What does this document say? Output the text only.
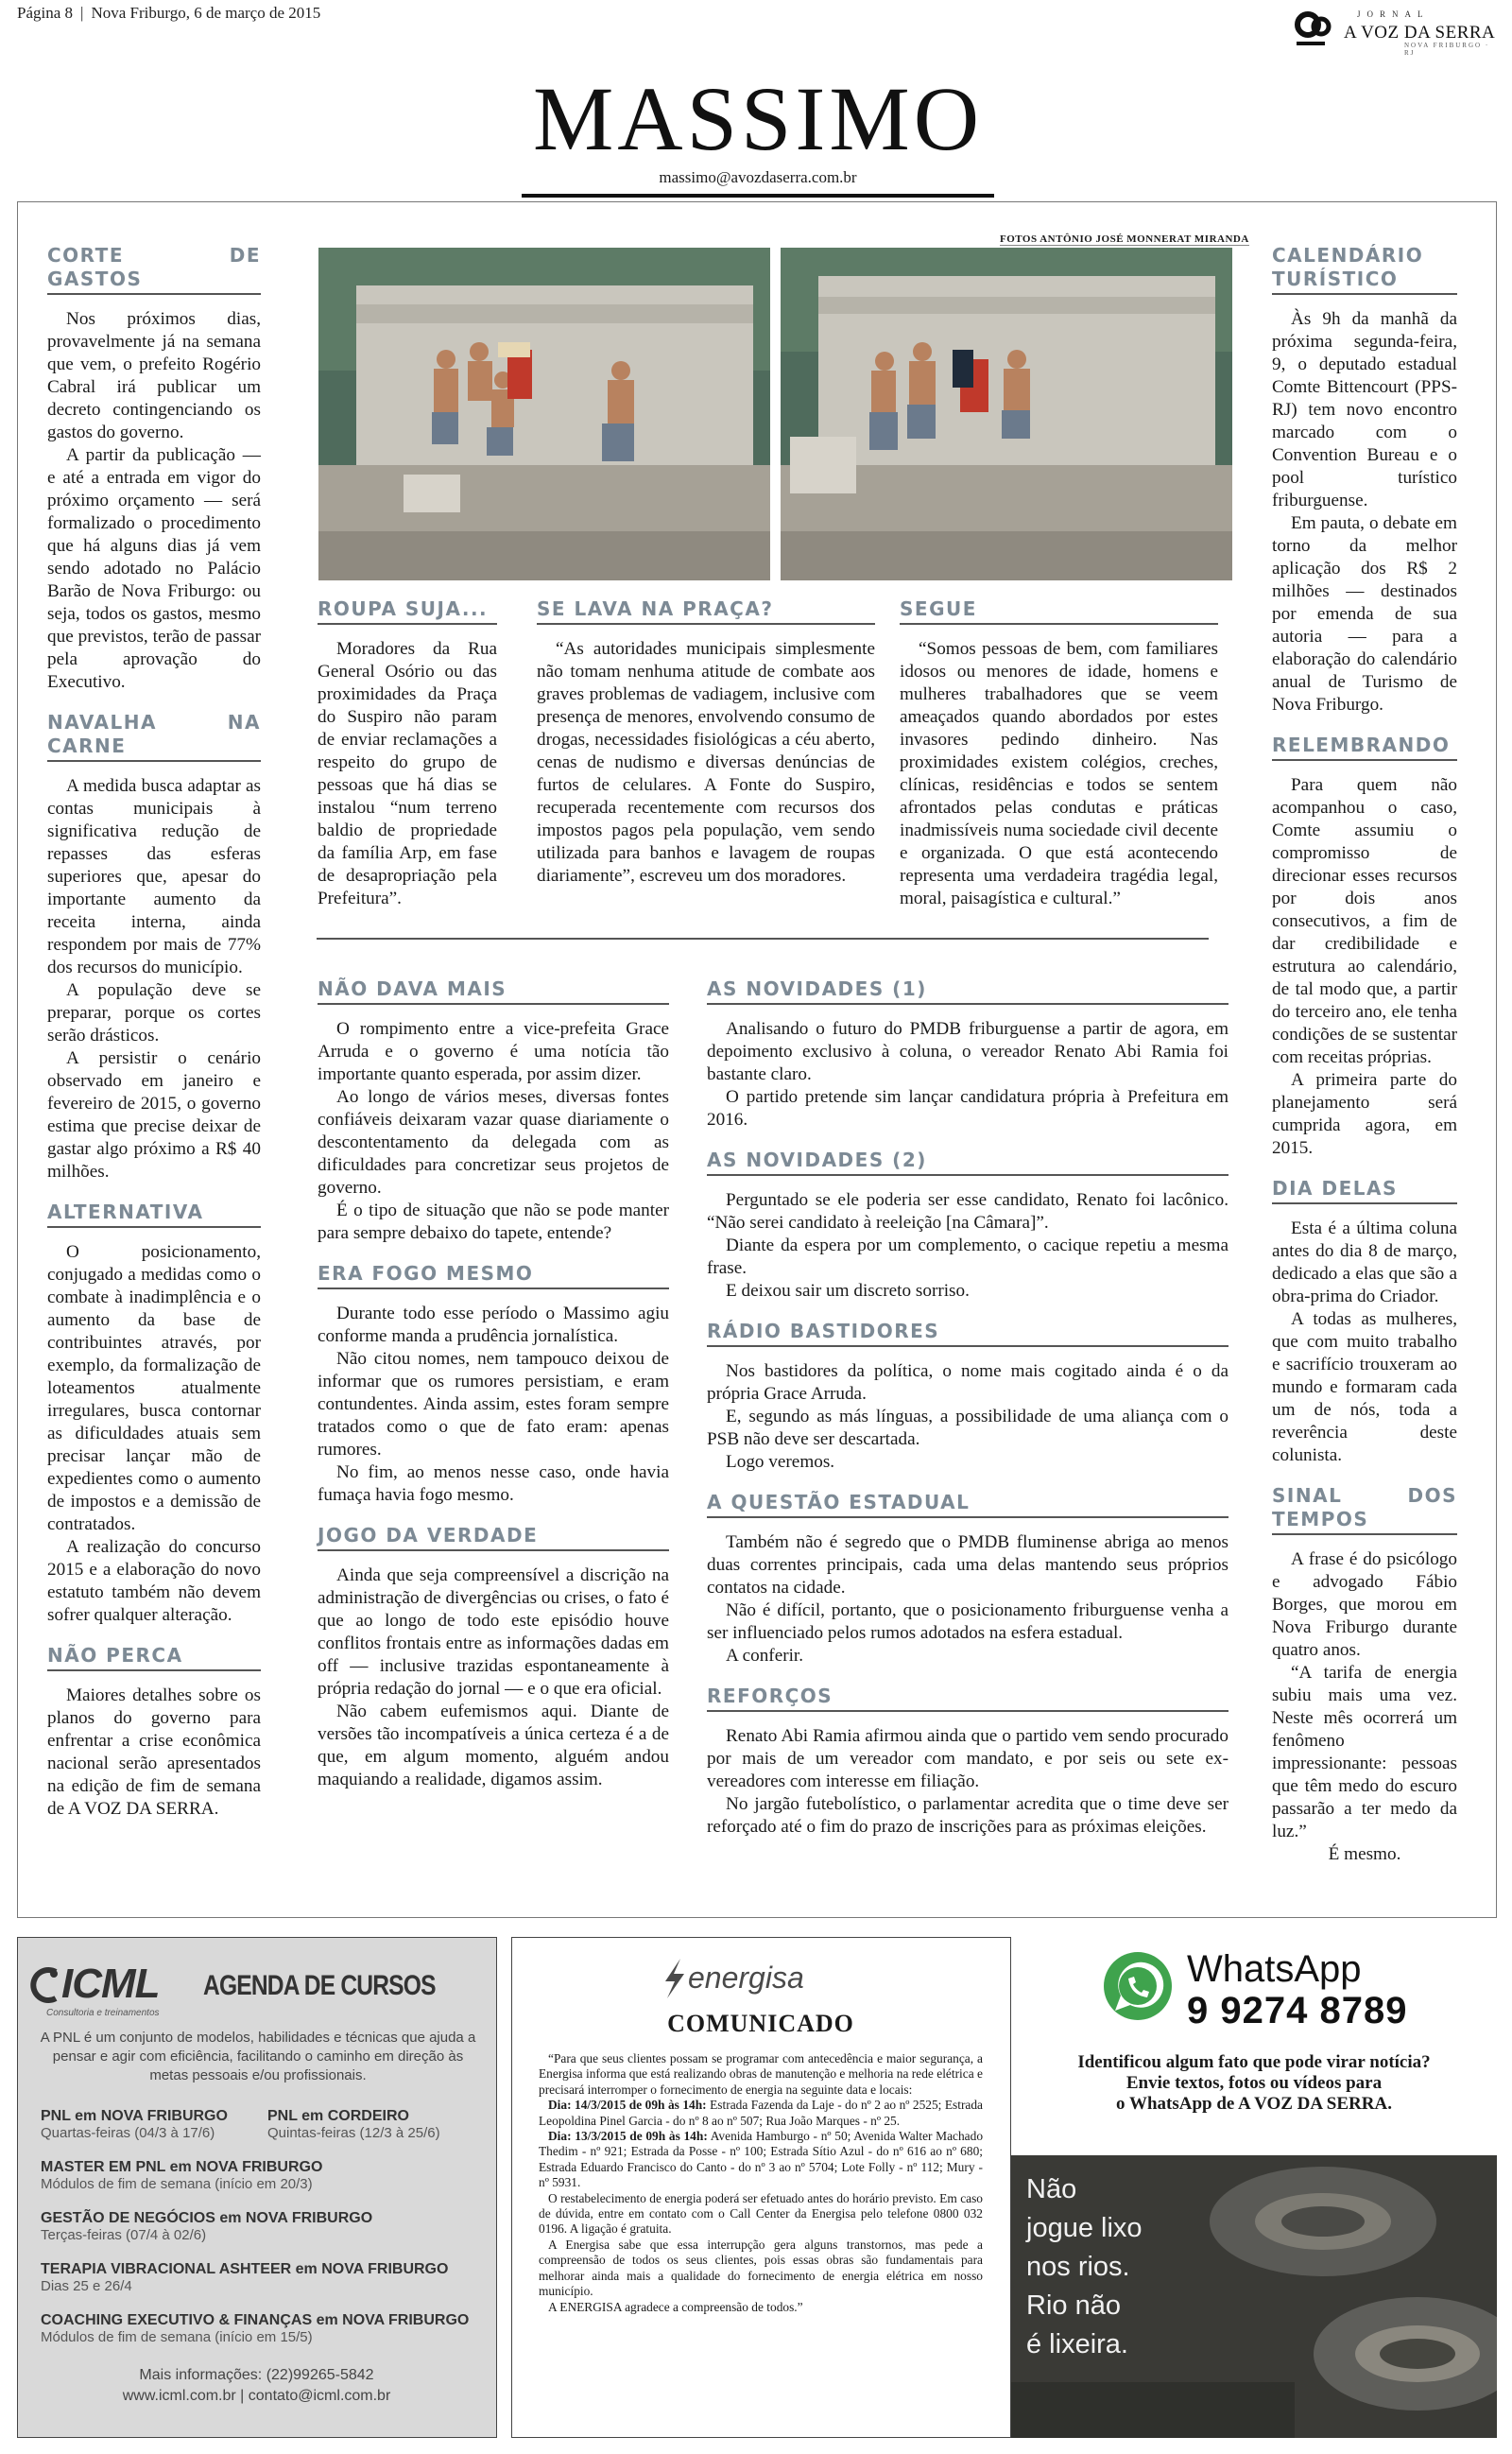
Página 8 | Nova Friburgo, 6 de março de 2015	JORNAL
A VOZ DA SERRA
NOVA FRIBURGO · RJ
MASSIMO
massimo@avozdaserra.com.br
CORTE DE GASTOS

Nos próximos dias, provavelmente já na semana que vem, o prefeito Rogério Cabral irá publicar um decreto contingenciando os gastos do governo.

A partir da publicação — e até a entrada em vigor do próximo orçamento — será formalizado o procedimento que há alguns dias já vem sendo adotado no Palácio Barão de Nova Friburgo: ou seja, todos os gastos, mesmo que previstos, terão de passar pela aprovação do Executivo.

NAVALHA NA CARNE

A medida busca adaptar as contas municipais à significativa redução de repasses das esferas superiores que, apesar do importante aumento da receita interna, ainda respondem por mais de 77% dos recursos do município.

A população deve se preparar, porque os cortes serão drásticos.

A persistir o cenário observado em janeiro e fevereiro de 2015, o governo estima que precise deixar de gastar algo próximo a R$ 40 milhões.

ALTERNATIVA

O posicionamento, conjugado a medidas como o combate à inadimplência e o aumento da base de contribuintes através, por exemplo, da formalização de loteamentos atualmente irregulares, busca contornar as dificuldades atuais sem precisar lançar mão de expedientes como o aumento de impostos e a demissão de contratados.

A realização do concurso 2015 e a elaboração do novo estatuto também não devem sofrer qualquer alteração.

NÃO PERCA

Maiores detalhes sobre os planos do governo para enfrentar a crise econômica nacional serão apresentados na edição de fim de semana de A VOZ DA SERRA.

FOTOS ANTÔNIO JOSÉ MONNERAT MIRANDA
ROUPA SUJA...

Moradores da Rua General Osório ou das proximidades da Praça do Suspiro não param de enviar reclamações a respeito do grupo de pessoas que há dias se instalou “num terreno baldio de propriedade da família Arp, em fase de desapropriação pela Prefeitura”.

SE LAVA NA PRAÇA?

“As autoridades municipais simplesmente não tomam nenhuma atitude de combate aos graves problemas de vadiagem, inclusive com presença de menores, envolvendo consumo de drogas, necessidades fisiológicas a céu aberto, cenas de nudismo e diversas denúncias de furtos de celulares. A Fonte do Suspiro, recuperada recentemente com recursos dos impostos pagos pela população, vem sendo utilizada para banhos e lavagem de roupas diariamente”, escreveu um dos moradores.

SEGUE

“Somos pessoas de bem, com familiares idosos ou menores de idade, homens e mulheres trabalhadores que se veem ameaçados quando abordados por estes invasores pedindo dinheiro. Nas proximidades existem colégios, creches, clínicas, residências e todos se sentem afrontados pelas condutas e práticas inadmissíveis numa sociedade civil decente e organizada. O que está acontecendo representa uma verdadeira tragédia legal, moral, paisagística e cultural.”

NÃO DAVA MAIS

O rompimento entre a vice-prefeita Grace Arruda e o governo é uma notícia tão importante quanto esperada, por assim dizer.

Ao longo de vários meses, diversas fontes confiáveis deixaram vazar quase diariamente o descontentamento da delegada com as dificuldades para concretizar seus projetos de governo.

É o tipo de situação que não se pode manter para sempre debaixo do tapete, entende?

ERA FOGO MESMO

Durante todo esse período o Massimo agiu conforme manda a prudência jornalística.

Não citou nomes, nem tampouco deixou de informar que os rumores persistiam, e eram contundentes. Ainda assim, estes foram sempre tratados como o que de fato eram: apenas rumores.

No fim, ao menos nesse caso, onde havia fumaça havia fogo mesmo.

JOGO DA VERDADE

Ainda que seja compreensível a discrição na administração de divergências ou crises, o fato é que ao longo de todo este episódio houve conflitos frontais entre as informações dadas em off — inclusive trazidas espontaneamente à própria redação do jornal — e o que era oficial.

Não cabem eufemismos aqui. Diante de versões tão incompatíveis a única certeza é a de que, em algum momento, alguém andou maquiando a realidade, digamos assim.

AS NOVIDADES (1)

Analisando o futuro do PMDB friburguense a partir de agora, em depoimento exclusivo à coluna, o vereador Renato Abi Ramia foi bastante claro.

O partido pretende sim lançar candidatura própria à Prefeitura em 2016.

AS NOVIDADES (2)

Perguntado se ele poderia ser esse candidato, Renato foi lacônico. “Não serei candidato à reeleição [na Câmara]”.

Diante da espera por um complemento, o cacique repetiu a mesma frase.

E deixou sair um discreto sorriso.

RÁDIO BASTIDORES

Nos bastidores da política, o nome mais cogitado ainda é o da própria Grace Arruda.

E, segundo as más línguas, a possibilidade de uma aliança com o PSB não deve ser descartada.

Logo veremos.

A QUESTÃO ESTADUAL

Também não é segredo que o PMDB fluminense abriga ao menos duas correntes principais, cada uma delas mantendo seus próprios contatos na cidade.

Não é difícil, portanto, que o posicionamento friburguense venha a ser influenciado pelos rumos adotados na esfera estadual.

A conferir.

REFORÇOS

Renato Abi Ramia afirmou ainda que o partido vem sendo procurado por mais de um vereador com mandato, e por seis ou sete ex-vereadores com interesse em filiação.

No jargão futebolístico, o parlamentar acredita que o time deve ser reforçado até o fim do prazo de inscrições para as próximas eleições.

CALENDÁRIO TURÍSTICO

Às 9h da manhã da próxima segunda-feira, 9, o deputado estadual Comte Bittencourt (PPS-RJ) tem novo encontro marcado com o Convention Bureau e o pool turístico friburguense.

Em pauta, o debate em torno da melhor aplicação dos R$ 2 milhões — destinados por emenda de sua autoria — para a elaboração do calendário anual de Turismo de Nova Friburgo.

RELEMBRANDO

Para quem não acompanhou o caso, Comte assumiu o compromisso de direcionar esses recursos por dois anos consecutivos, a fim de dar credibilidade e estrutura ao calendário, de tal modo que, a partir do terceiro ano, ele tenha condições de se sustentar com receitas próprias.

A primeira parte do planejamento será cumprida agora, em 2015.

DIA DELAS

Esta é a última coluna antes do dia 8 de março, dedicado a elas que são a obra-prima do Criador.

A todas as mulheres, que com muito trabalho e sacrifício trouxeram ao mundo e formaram cada um de nós, toda a reverência deste colunista.

SINAL DOS TEMPOS

A frase é do psicólogo e advogado Fábio Borges, que morou em Nova Friburgo durante quatro anos.

“A tarifa de energia subiu mais uma vez. Neste mês ocorrerá um fenômeno impressionante: pessoas que têm medo do escuro passarão a ter medo da luz.”

É mesmo.

ICML
Consultoria e treinamentos
AGENDA DE CURSOS
A PNL é um conjunto de modelos, habilidades e técnicas que ajuda a pensar e agir com eficiência, facilitando o caminho em direção às metas pessoais e/ou profissionais.
PNL em NOVA FRIBURGO
Quartas-feiras (04/3 à 17/6)
PNL em CORDEIRO
Quintas-feiras (12/3 à 25/6)
MASTER EM PNL em NOVA FRIBURGO
Módulos de fim de semana (início em 20/3)
GESTÃO DE NEGÓCIOS em NOVA FRIBURGO
Terças-feiras (07/4 à 02/6)
TERAPIA VIBRACIONAL ASHTEER em NOVA FRIBURGO
Dias 25 e 26/4
COACHING EXECUTIVO & FINANÇAS em NOVA FRIBURGO
Módulos de fim de semana (início em 15/5)
Mais informações: (22)99265-5842
www.icml.com.br | contato@icml.com.br
energisa
COMUNICADO

“Para que seus clientes possam se programar com antecedência e maior segurança, a Energisa informa que está realizando obras de manutenção e melhoria na rede elétrica e precisará interromper o fornecimento de energia na seguinte data e locais:

Dia: 14/3/2015 de 09h às 14h: Estrada Fazenda da Laje - do nº 2 ao nº 2525; Estrada Leopoldina Pinel Garcia - do nº 8 ao nº 507; Rua João Marques - nº 25.

Dia: 13/3/2015 de 09h às 14h: Avenida Hamburgo - nº 50; Avenida Walter Machado Thedim - nº 921; Estrada da Posse - nº 100; Estrada Sítio Azul - do nº 616 ao nº 680; Estrada Eduardo Francisco do Canto - do nº 3 ao nº 5704; Lote Folly - nº 112; Mury - nº 5931.

O restabelecimento de energia poderá ser efetuado antes do horário previsto. Em caso de dúvida, entre em contato com o Call Center da Energisa pelo telefone 0800 032 0196. A ligação é gratuita.

A Energisa sabe que essa interrupção gera alguns transtornos, mas pede a compreensão de todos os seus clientes, pois essas obras são fundamentais para melhorar ainda mais a qualidade do fornecimento de energia elétrica em nosso município.

A ENERGISA agradece a compreensão de todos.”

WhatsApp
9 9274 8789
Identificou algum fato que pode virar notícia?
Envie textos, fotos ou vídeos para
o WhatsApp de A VOZ DA SERRA.
Não
jogue lixo
nos rios.
Rio não
é lixeira.
